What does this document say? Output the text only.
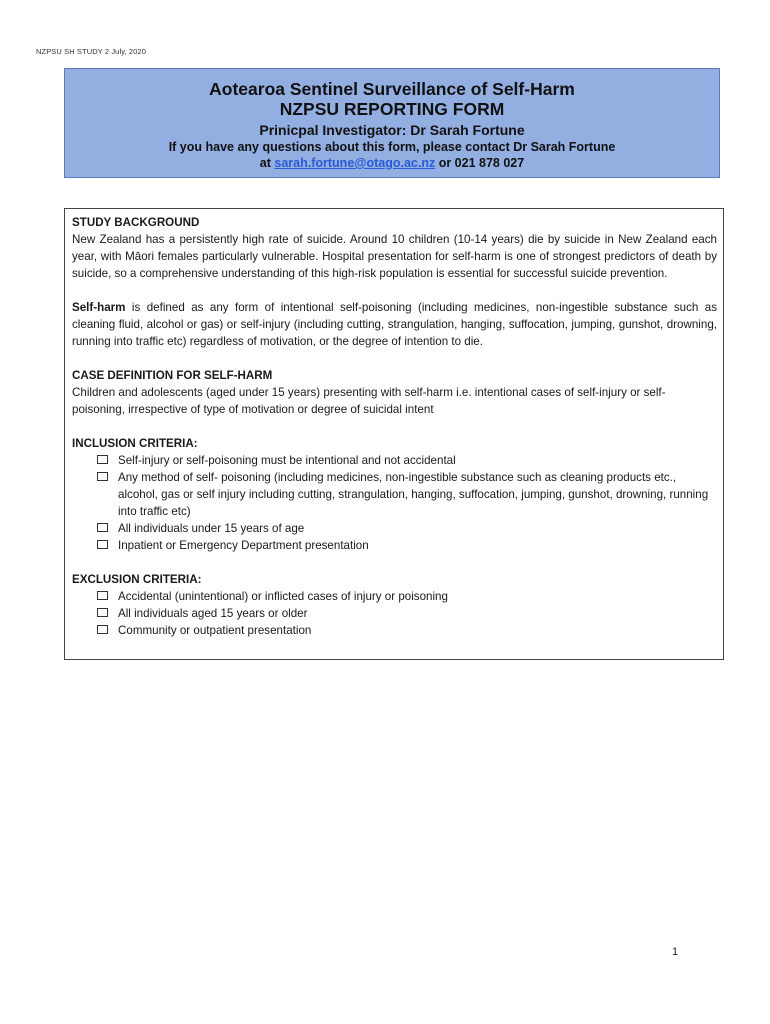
NZPSU SH STUDY 2 July, 2020
Aotearoa Sentinel Surveillance of Self-Harm
NZPSU REPORTING FORM
Prinicpal Investigator: Dr Sarah Fortune
If you have any questions about this form, please contact Dr Sarah Fortune
at sarah.fortune@otago.ac.nz or 021 878 027
STUDY BACKGROUND

New Zealand has a persistently high rate of suicide. Around 10 children (10-14 years) die by suicide in New Zealand each year, with Māori females particularly vulnerable. Hospital presentation for self-harm is one of strongest predictors of death by suicide, so a comprehensive understanding of this high-risk population is essential for successful suicide prevention.

Self-harm is defined as any form of intentional self-poisoning (including medicines, non-ingestible substance such as cleaning fluid, alcohol or gas) or self-injury (including cutting, strangulation, hanging, suffocation, jumping, gunshot, drowning, running into traffic etc) regardless of motivation, or the degree of intention to die.

CASE DEFINITION FOR SELF-HARM

Children and adolescents (aged under 15 years) presenting with self-harm i.e. intentional cases of self-injury or self-poisoning, irrespective of type of motivation or degree of suicidal intent

INCLUSION CRITERIA:
Self-injury or self-poisoning must be intentional and not accidental
Any method of self- poisoning (including medicines, non-ingestible substance such as cleaning products etc., alcohol, gas or self injury including cutting, strangulation, hanging, suffocation, jumping, gunshot, drowning, running into traffic etc)
All individuals under 15 years of age
Inpatient or Emergency Department presentation
EXCLUSION CRITERIA:
Accidental (unintentional) or inflicted cases of injury or poisoning
All individuals aged 15 years or older
Community or outpatient presentation
1
